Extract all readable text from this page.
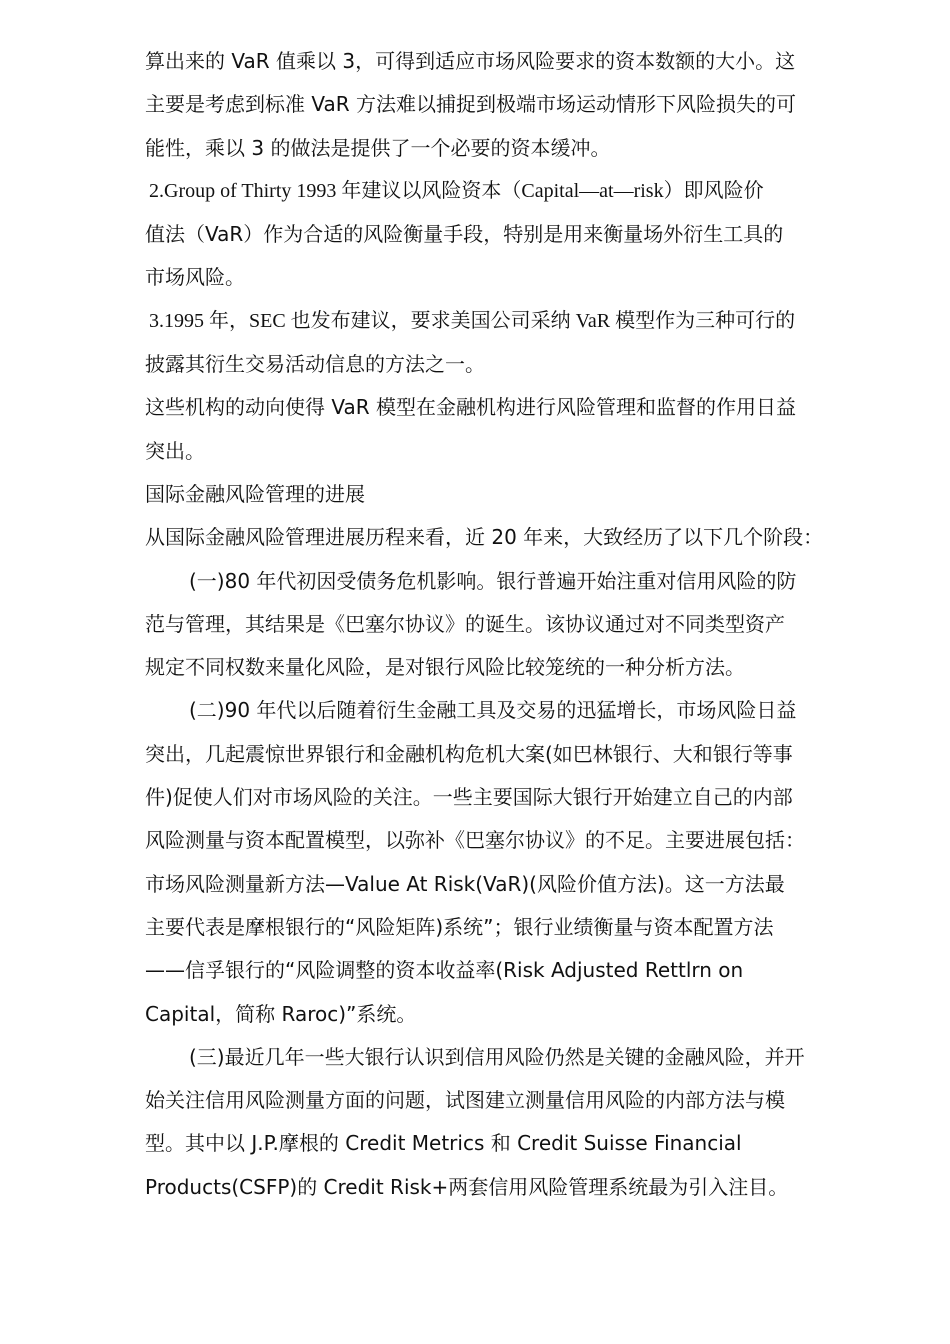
算出来的 VaR 值乘以 3，可得到适应市场风险要求的资本数额的大小。这
主要是考虑到标准 VaR 方法难以捕捉到极端市场运动情形下风险损失的可
能性，乘以 3 的做法是提供了一个必要的资本缓冲。
2.Group of Thirty 1993 年建议以风险资本（Capital—at—risk）即风险价
值法（VaR）作为合适的风险衡量手段，特别是用来衡量场外衍生工具的
市场风险。
3.1995 年，SEC 也发布建议，要求美国公司采纳 VaR 模型作为三种可行的
披露其衍生交易活动信息的方法之一。
这些机构的动向使得 VaR 模型在金融机构进行风险管理和监督的作用日益
突出。
国际金融风险管理的进展
从国际金融风险管理进展历程来看，近 20 年来，大致经历了以下几个阶段：
(一)80 年代初因受债务危机影响。银行普遍开始注重对信用风险的防
范与管理，其结果是《巴塞尔协议》的诞生。该协议通过对不同类型资产
规定不同权数来量化风险，是对银行风险比较笼统的一种分析方法。
(二)90 年代以后随着衍生金融工具及交易的迅猛增长，市场风险日益
突出，几起震惊世界银行和金融机构危机大案(如巴林银行、大和银行等事
件)促使人们对市场风险的关注。一些主要国际大银行开始建立自己的内部
风险测量与资本配置模型，以弥补《巴塞尔协议》的不足。主要进展包括：
市场风险测量新方法—Value At Risk(VaR)(风险价值方法)。这一方法最
主要代表是摩根银行的“风险矩阵)系统”；银行业绩衡量与资本配置方法
——信孚银行的“风险调整的资本收益率(Risk Adjusted Rettlrn on
Capital，简称 Raroc)”系统。
(三)最近几年一些大银行认识到信用风险仍然是关键的金融风险，并开
始关注信用风险测量方面的问题，试图建立测量信用风险的内部方法与模
型。其中以 J.P.摩根的 Credit Metrics 和 Credit Suisse Financial
Products(CSFP)的 Credit Risk+两套信用风险管理系统最为引入注目。
